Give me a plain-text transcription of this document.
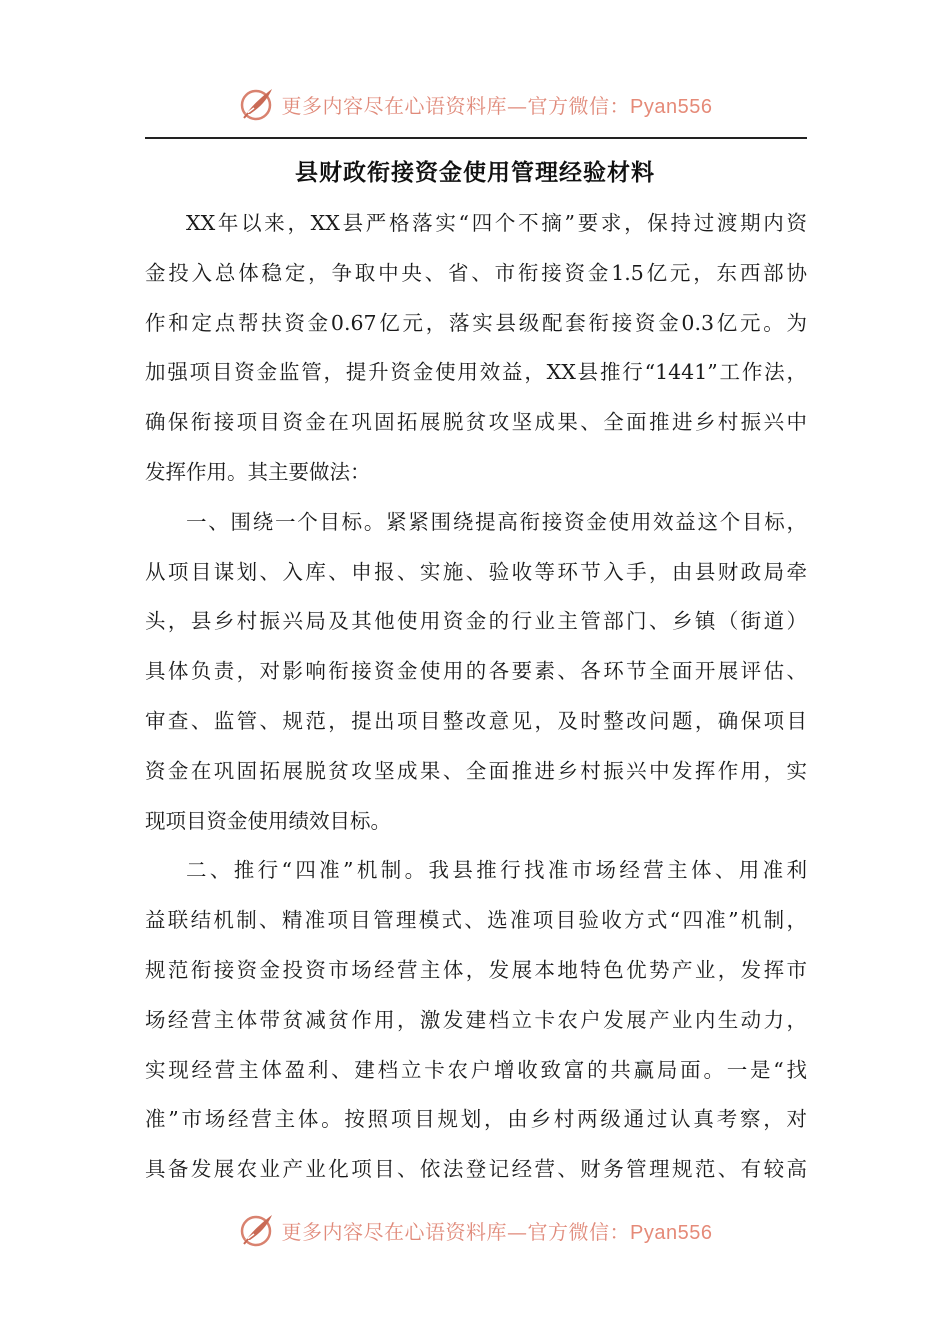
更多内容尽在心语资料库—官方微信：Pyan556
县财政衔接资金使用管理经验材料
XX年以来，XX县严格落实“四个不摘”要求，保持过渡期内资
金投入总体稳定，争取中央、省、市衔接资金1.5亿元，东西部协
作和定点帮扶资金0.67亿元，落实县级配套衔接资金0.3亿元。为
加强项目资金监管，提升资金使用效益，XX县推行“1441”工作法，
确保衔接项目资金在巩固拓展脱贫攻坚成果、全面推进乡村振兴中
发挥作用。其主要做法：
一、围绕一个目标。紧紧围绕提高衔接资金使用效益这个目标，
从项目谋划、入库、申报、实施、验收等环节入手，由县财政局牵
头，县乡村振兴局及其他使用资金的行业主管部门、乡镇（街道）
具体负责，对影响衔接资金使用的各要素、各环节全面开展评估、
审查、监管、规范，提出项目整改意见，及时整改问题，确保项目
资金在巩固拓展脱贫攻坚成果、全面推进乡村振兴中发挥作用，实
现项目资金使用绩效目标。
二、推行“四准”机制。我县推行找准市场经营主体、用准利
益联结机制、精准项目管理模式、选准项目验收方式“四准”机制，
规范衔接资金投资市场经营主体，发展本地特色优势产业，发挥市
场经营主体带贫减贫作用，激发建档立卡农户发展产业内生动力，
实现经营主体盈利、建档立卡农户增收致富的共赢局面。一是“找
准”市场经营主体。按照项目规划，由乡村两级通过认真考察，对
具备发展农业产业化项目、依法登记经营、财务管理规范、有较高
更多内容尽在心语资料库—官方微信：Pyan556
